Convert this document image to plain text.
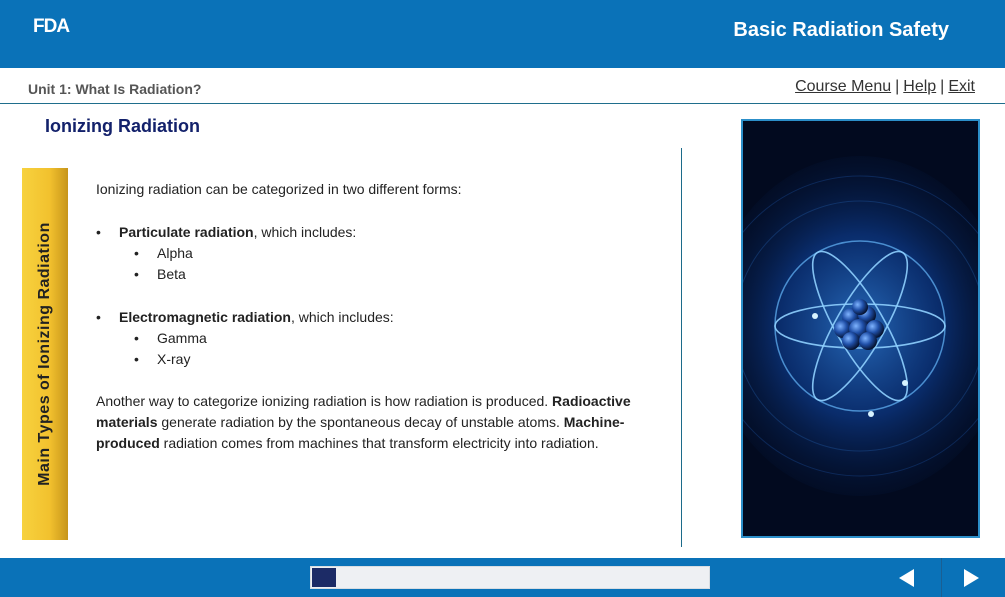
FDA	Basic Radiation Safety
Unit 1: What Is Radiation?	Course Menu | Help | Exit
Ionizing Radiation
Main Types of Ionizing Radiation

Ionizing radiation can be categorized in two different forms:

• Particulate radiation, which includes:
• Alpha
• Beta
• Electromagnetic radiation, which includes:
• Gamma
• X-ray

Another way to categorize ionizing radiation is how radiation is produced. Radioactive materials generate radiation by the spontaneous decay of unstable atoms. Machine-produced radiation comes from machines that transform electricity into radiation.
